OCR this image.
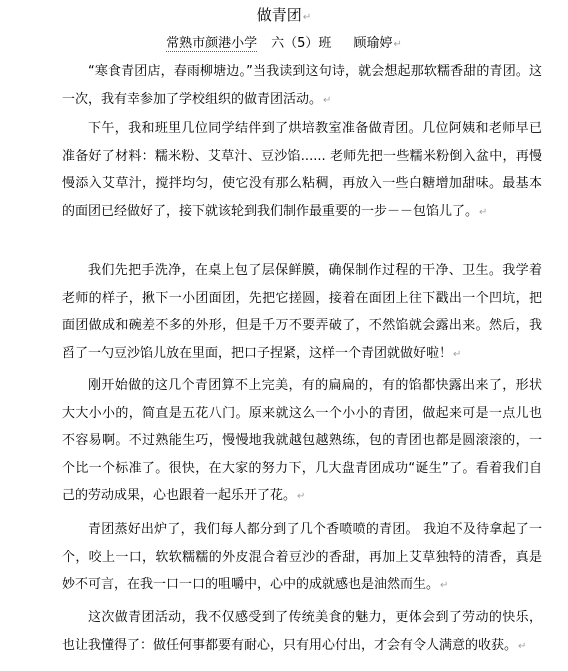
做青团↵
常熟市颜港小学 六（5）班 顾瑜婷↵

“寒食青团店，春雨柳塘边。”当我读到这句诗，就会想起那软糯香甜的青团。这一次，我有幸参加了学校组织的做青团活动。↵

下午，我和班里几位同学结伴到了烘培教室准备做青团。几位阿姨和老师早已准备好了材料：糯米粉、艾草汁、豆沙馅...... 老师先把一些糯米粉倒入盆中，再慢慢添入艾草汁，搅拌均匀，使它没有那么粘稠，再放入一些白糖增加甜味。最基本的面团已经做好了，接下就该轮到我们制作最重要的一步－－包馅儿了。↵

我们先把手洗净，在桌上包了层保鲜膜，确保制作过程的干净、卫生。我学着老师的样子，揪下一小团面团，先把它搓圆，接着在面团上往下戳出一个凹坑，把面团做成和碗差不多的外形，但是千万不要弄破了，不然馅就会露出来。然后，我舀了一勺豆沙馅儿放在里面，把口子捏紧，这样一个青团就做好啦！↵

刚开始做的这几个青团算不上完美，有的扁扁的，有的馅都快露出来了，形状大大小小的，简直是五花八门。原来就这么一个小小的青团，做起来可是一点儿也不容易啊。不过熟能生巧，慢慢地我就越包越熟练，包的青团也都是圆滚滚的，一个比一个标准了。很快，在大家的努力下，几大盘青团成功“诞生”了。看着我们自己的劳动成果，心也跟着一起乐开了花。↵

青团蒸好出炉了，我们每人都分到了几个香喷喷的青团。 我迫不及待拿起了一个，咬上一口，软软糯糯的外皮混合着豆沙的香甜，再加上艾草独特的清香，真是妙不可言，在我一口一口的咀嚼中，心中的成就感也是油然而生。↵

这次做青团活动，我不仅感受到了传统美食的魅力，更体会到了劳动的快乐，也让我懂得了：做任何事都要有耐心，只有用心付出，才会有令人满意的收获。↵
